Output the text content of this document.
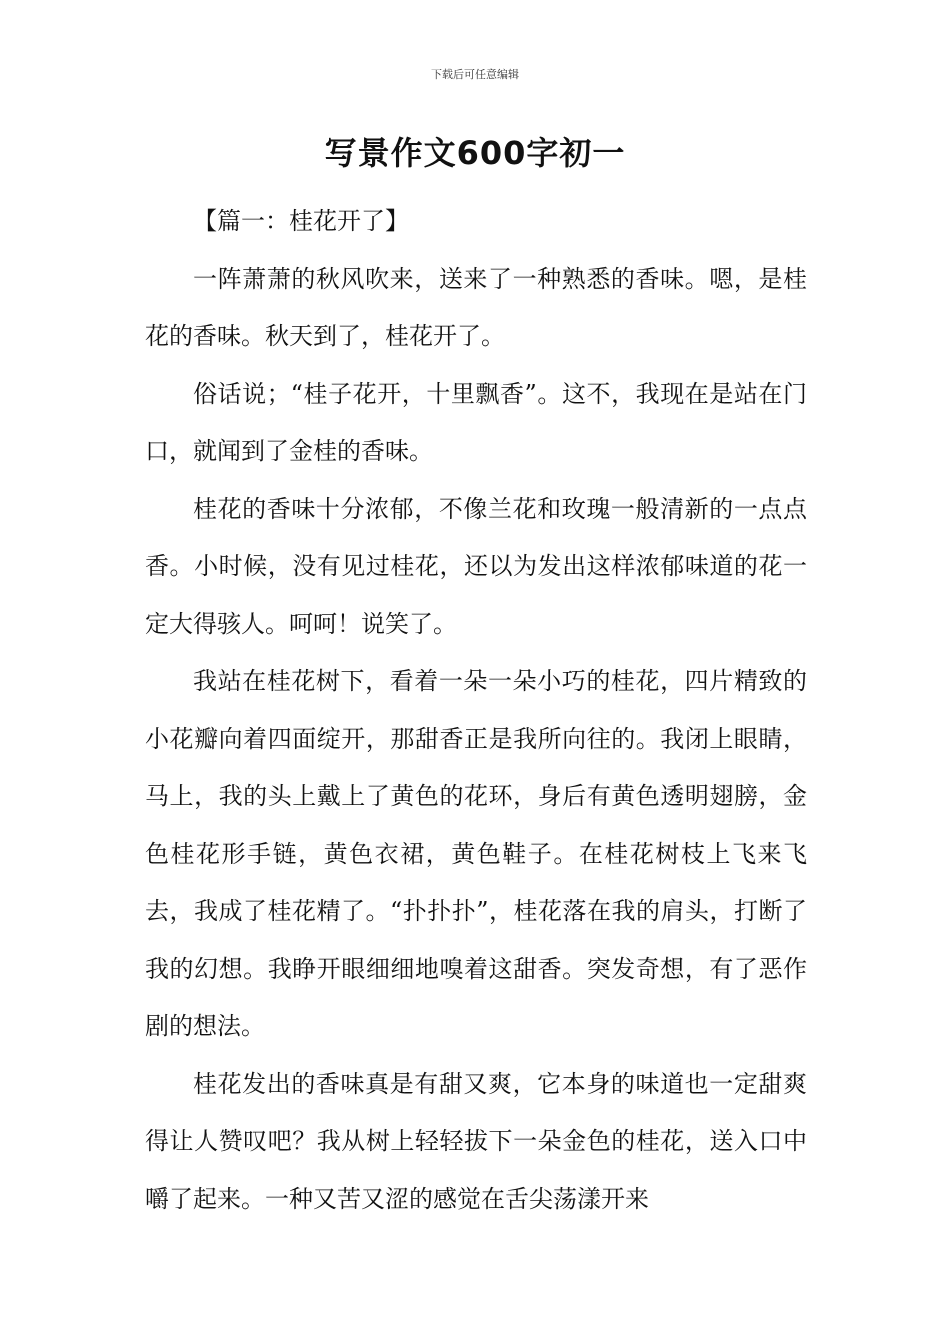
下载后可任意编辑
写景作文600字初一

【篇一：桂花开了】

一阵萧萧的秋风吹来，送来了一种熟悉的香味。嗯，是桂花的香味。秋天到了，桂花开了。

俗话说；“桂子花开，十里飘香”。这不，我现在是站在门口，就闻到了金桂的香味。

桂花的香味十分浓郁，不像兰花和玫瑰一般清新的一点点香。小时候，没有见过桂花，还以为发出这样浓郁味道的花一定大得骇人。呵呵！说笑了。

我站在桂花树下，看着一朵一朵小巧的桂花，四片精致的小花瓣向着四面绽开，那甜香正是我所向往的。我闭上眼睛，马上，我的头上戴上了黄色的花环，身后有黄色透明翅膀，金色桂花形手链，黄色衣裙，黄色鞋子。在桂花树枝上飞来飞去，我成了桂花精了。“扑扑扑”，桂花落在我的肩头，打断了我的幻想。我睁开眼细细地嗅着这甜香。突发奇想，有了恶作剧的想法。

桂花发出的香味真是有甜又爽，它本身的味道也一定甜爽得让人赞叹吧？我从树上轻轻拔下一朵金色的桂花，送入口中嚼了起来。一种又苦又涩的感觉在舌尖荡漾开来
